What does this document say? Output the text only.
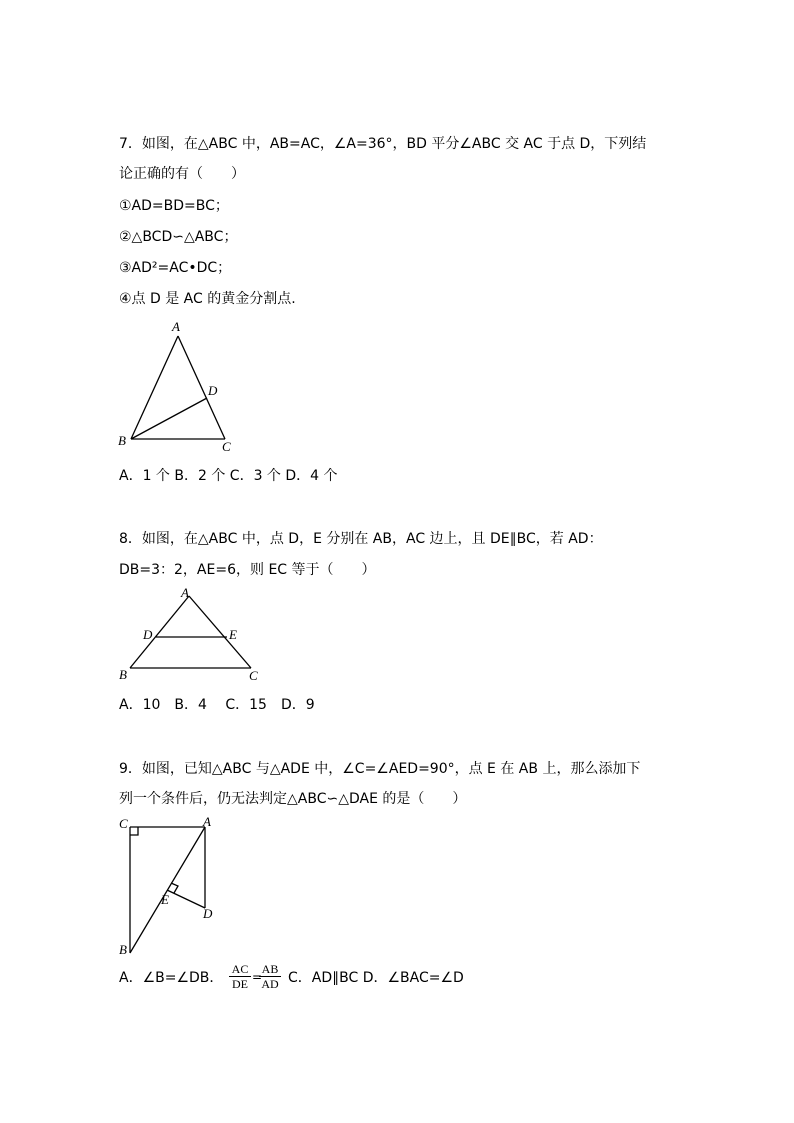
7．如图，在△ABC 中，AB=AC，∠A=36°，BD 平分∠ABC 交 AC 于点 D，下列结
论正确的有（　　）
①AD=BD=BC；
②△BCD∽△ABC；
③AD²=AC•DC；
④点 D 是 AC 的黄金分割点.
A
B	C
D
A．1 个 B．2 个 C．3 个 D．4 个
8．如图，在△ABC 中，点 D，E 分别在 AB，AC 边上，且 DE∥BC，若 AD：
DB=3：2，AE=6，则 EC 等于（　　）
A
D	E
B	C
A．10　B．4　 C．15　D．9
9．如图，已知△ABC 与△ADE 中，∠C=∠AED=90°，点 E 在 AB 上，那么添加下
列一个条件后，仍无法判定△ABC∽△DAE 的是（　　）
C	A
E
D
B
A．∠B=∠DB． $\frac{AC}{DE}$ =
$\frac{AB}{AD}$ C．AD∥BC D．∠BAC=∠D
